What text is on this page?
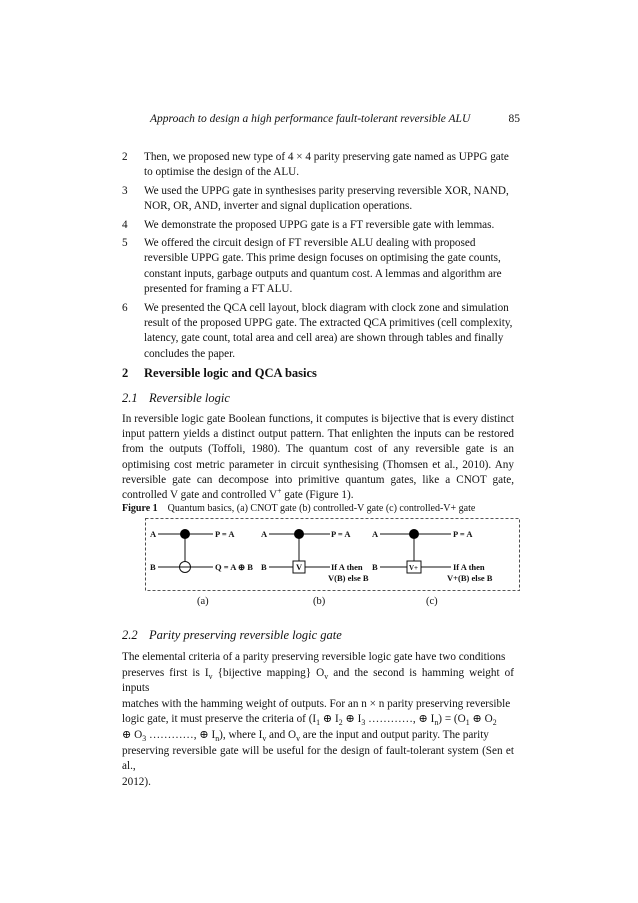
Approach to design a high performance fault-tolerant reversible ALU	85
2	Then, we proposed new type of 4 × 4 parity preserving gate named as UPPG gate to optimise the design of the ALU.
3	We used the UPPG gate in synthesises parity preserving reversible XOR, NAND, NOR, OR, AND, inverter and signal duplication operations.
4	We demonstrate the proposed UPPG gate is a FT reversible gate with lemmas.
5	We offered the circuit design of FT reversible ALU dealing with proposed reversible UPPG gate. This prime design focuses on optimising the gate counts, constant inputs, garbage outputs and quantum cost. A lemmas and algorithm are presented for framing a FT ALU.
6	We presented the QCA cell layout, block diagram with clock zone and simulation result of the proposed UPPG gate. The extracted QCA primitives (cell complexity, latency, gate count, total area and cell area) are shown through tables and finally concludes the paper.
2 Reversible logic and QCA basics
2.1 Reversible logic
In reversible logic gate Boolean functions, it computes is bijective that is every distinct input pattern yields a distinct output pattern. That enlighten the inputs can be restored from the outputs (Toffoli, 1980). The quantum cost of any reversible gate is an optimising cost metric parameter in circuit synthesising (Thomsen et al., 2010). Any reversible gate can decompose into primitive quantum gates, like a CNOT gate, controlled V gate and controlled V+ gate (Figure 1).
Figure 1 Quantum basics, (a) CNOT gate (b) controlled-V gate (c) controlled-V+ gate
A
B
P = A
Q = A ⊕ B
A
B	V
P = A
If A then
V(B) else B
A
B	V+
P = A
If A then
V+(B) else B
(a)	(b)	(c)
2.2 Parity preserving reversible logic gate
The elemental criteria of a parity preserving reversible logic gate have two conditions
preserves first is $I_v$ {bijective mapping} $O_v$ and the second is hamming weight of inputs
matches with the hamming weight of outputs. For an n × n parity preserving reversible
logic gate, it must preserve the criteria of ($I_1$ ⊕ $I_2$ ⊕ $I_3$ …………, ⊕ $I_n) = (O_1$ ⊕ $O_2$
⊕ $O_3$ …………, ⊕ $I_n$), where $I_v$ and $O_v$ are the input and output parity. The parity
preserving reversible gate will be useful for the design of fault-tolerant system (Sen et al.,
2012).
